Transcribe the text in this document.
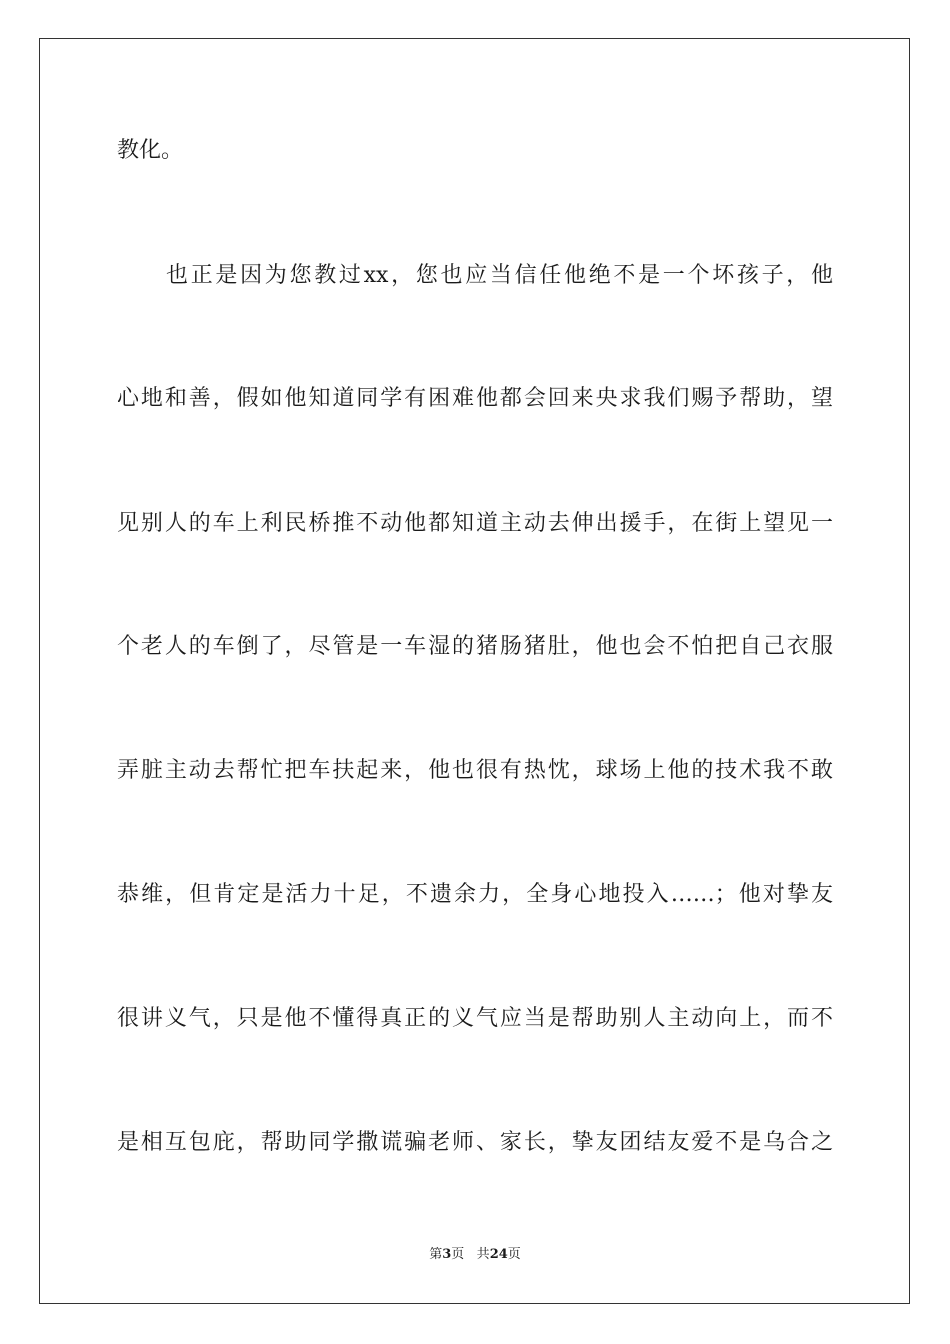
教化。
也正是因为您教过xx，您也应当信任他绝不是一个坏孩子，他
心地和善，假如他知道同学有困难他都会回来央求我们赐予帮助，望
见别人的车上利民桥推不动他都知道主动去伸出援手，在街上望见一
个老人的车倒了，尽管是一车湿的猪肠猪肚，他也会不怕把自己衣服
弄脏主动去帮忙把车扶起来，他也很有热忱，球场上他的技术我不敢
恭维，但肯定是活力十足，不遗余力，全身心地投入……；他对挚友
很讲义气，只是他不懂得真正的义气应当是帮助别人主动向上，而不
是相互包庇，帮助同学撒谎骗老师、家长，挚友团结友爱不是乌合之
第3页 共24页
